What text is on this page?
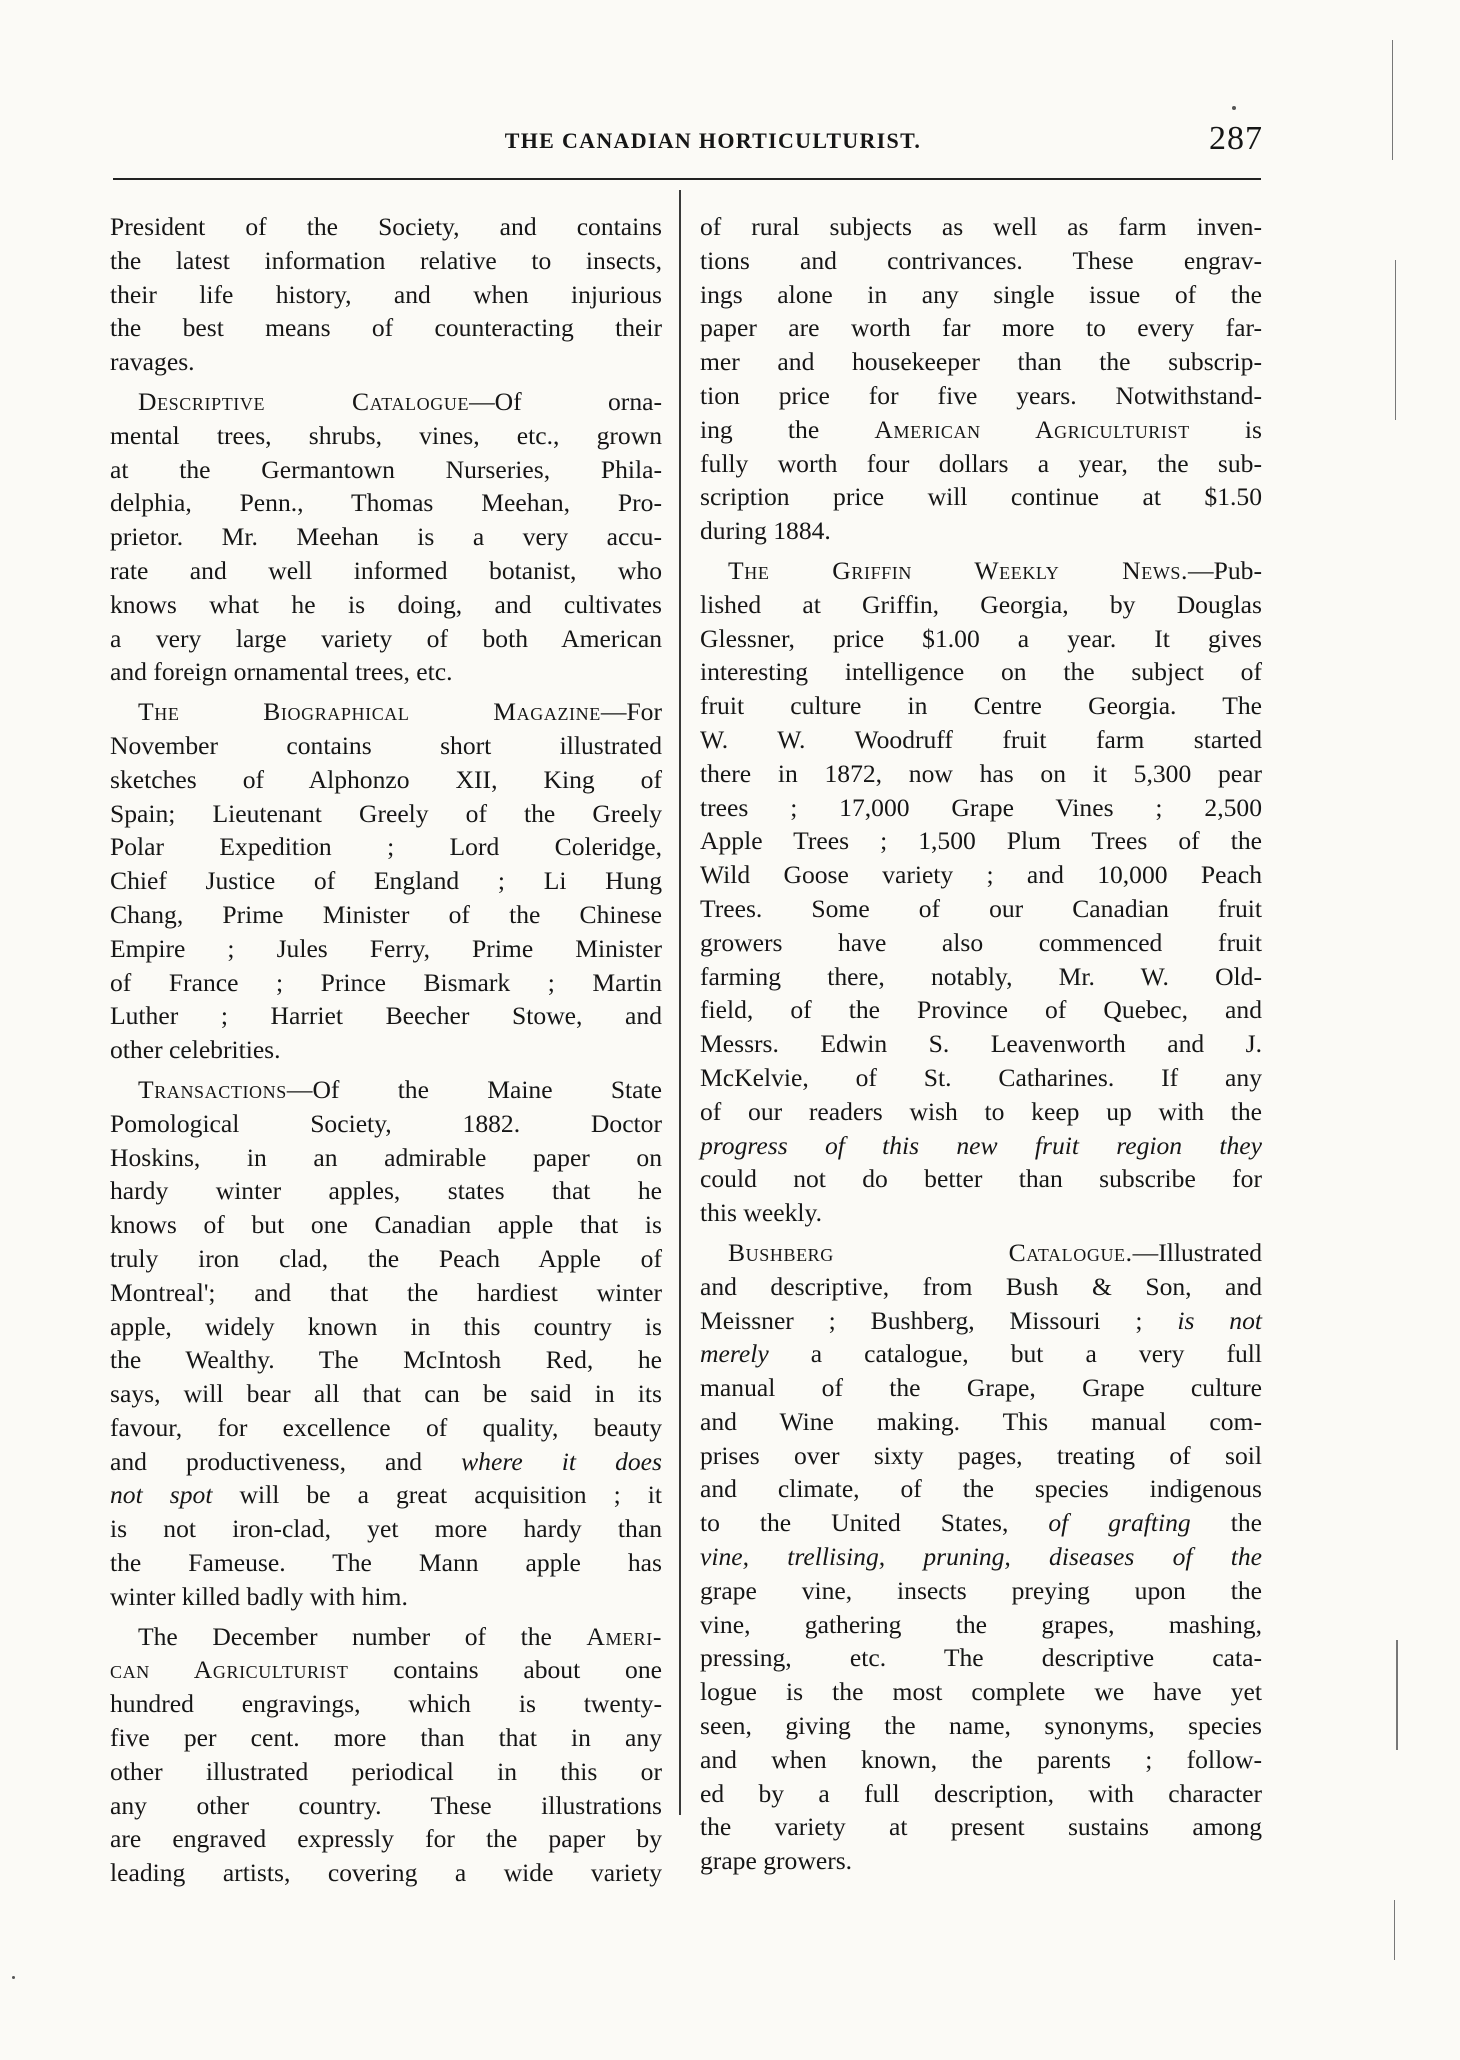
THE CANADIAN HORTICULTURIST.	287
President of the Society, and contains
the latest information relative to insects,
their life history, and when injurious
the best means of counteracting their
ravages.
Descriptive Catalogue—Of orna-
mental trees, shrubs, vines, etc., grown
at the Germantown Nurseries, Phila-
delphia, Penn., Thomas Meehan, Pro-
prietor. Mr. Meehan is a very accu-
rate and well informed botanist, who
knows what he is doing, and cultivates
a very large variety of both American
and foreign ornamental trees, etc.
The Biographical Magazine—For
November contains short illustrated
sketches of Alphonzo XII, King of
Spain; Lieutenant Greely of the Greely
Polar Expedition ; Lord Coleridge,
Chief Justice of England ; Li Hung
Chang, Prime Minister of the Chinese
Empire ; Jules Ferry, Prime Minister
of France ; Prince Bismark ; Martin
Luther ; Harriet Beecher Stowe, and
other celebrities.
Transactions—Of the Maine State
Pomological Society, 1882. Doctor
Hoskins, in an admirable paper on
hardy winter apples, states that he
knows of but one Canadian apple that is
truly iron clad, the Peach Apple of
Montreal'; and that the hardiest winter
apple, widely known in this country is
the Wealthy. The McIntosh Red, he
says, will bear all that can be said in its
favour, for excellence of quality, beauty
and productiveness, and where it does
not spot will be a great acquisition ; it
is not iron-clad, yet more hardy than
the Fameuse. The Mann apple has
winter killed badly with him.
The December number of the Ameri-
can Agriculturist contains about one
hundred engravings, which is twenty-
five per cent. more than that in any
other illustrated periodical in this or
any other country. These illustrations
are engraved expressly for the paper by
leading artists, covering a wide variety
of rural subjects as well as farm inven-
tions and contrivances. These engrav-
ings alone in any single issue of the
paper are worth far more to every far-
mer and housekeeper than the subscrip-
tion price for five years. Notwithstand-
ing the American Agriculturist is
fully worth four dollars a year, the sub-
scription price will continue at $1.50
during 1884.
The Griffin Weekly News.—Pub-
lished at Griffin, Georgia, by Douglas
Glessner, price $1.00 a year. It gives
interesting intelligence on the subject of
fruit culture in Centre Georgia. The
W. W. Woodruff fruit farm started
there in 1872, now has on it 5,300 pear
trees ; 17,000 Grape Vines ; 2,500
Apple Trees ; 1,500 Plum Trees of the
Wild Goose variety ; and 10,000 Peach
Trees. Some of our Canadian fruit
growers have also commenced fruit
farming there, notably, Mr. W. Old-
field, of the Province of Quebec, and
Messrs. Edwin S. Leavenworth and J.
McKelvie, of St. Catharines. If any
of our readers wish to keep up with the
progress of this new fruit region they
could not do better than subscribe for
this weekly.
Bushberg Catalogue.—Illustrated
and descriptive, from Bush & Son, and
Meissner ; Bushberg, Missouri ; is not
merely a catalogue, but a very full
manual of the Grape, Grape culture
and Wine making. This manual com-
prises over sixty pages, treating of soil
and climate, of the species indigenous
to the United States, of grafting the
vine, trellising, pruning, diseases of the
grape vine, insects preying upon the
vine, gathering the grapes, mashing,
pressing, etc. The descriptive cata-
logue is the most complete we have yet
seen, giving the name, synonyms, species
and when known, the parents ; follow-
ed by a full description, with character
the variety at present sustains among
grape growers.
